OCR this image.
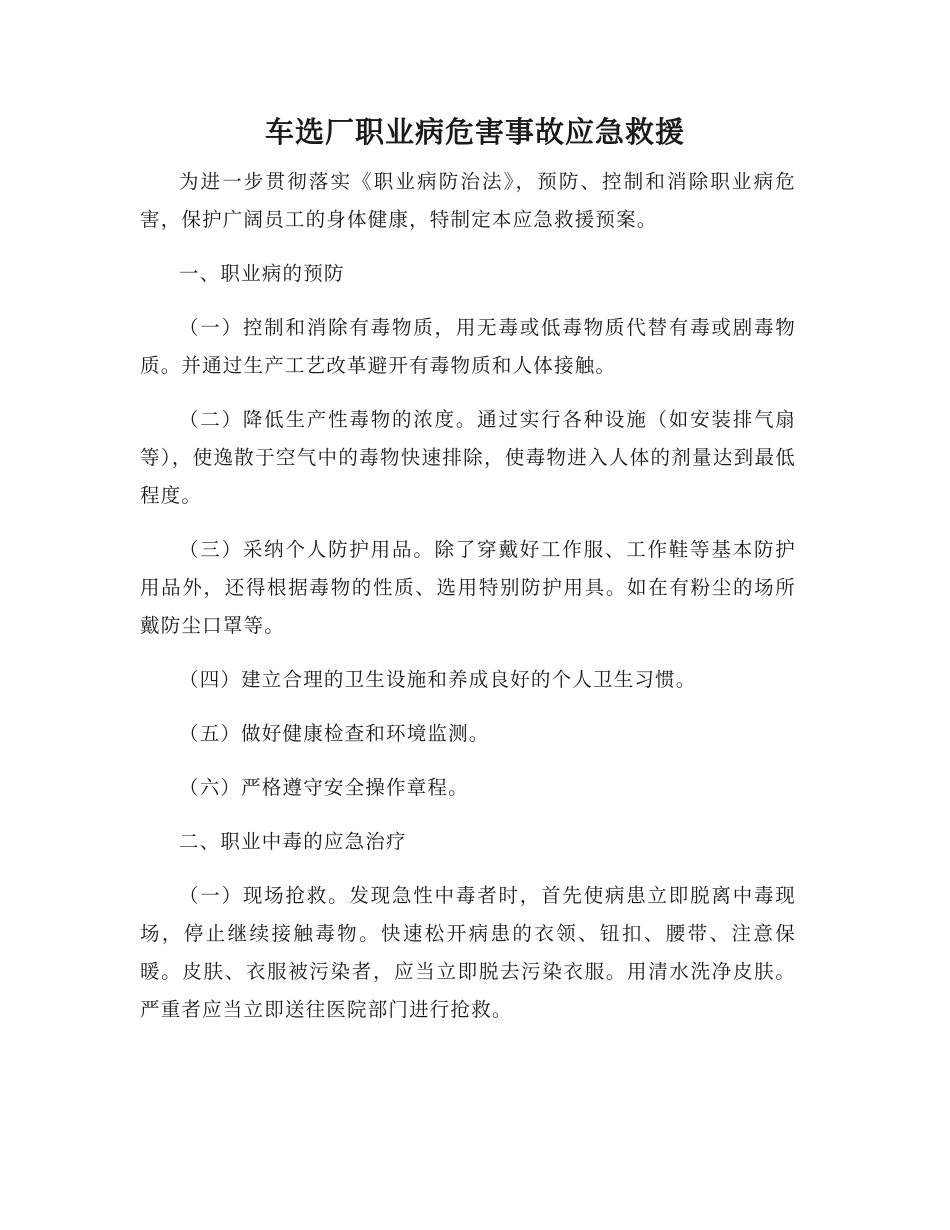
车选厂职业病危害事故应急救援

为进一步贯彻落实《职业病防治法》，预防、控制和消除职业病危害，保护广阔员工的身体健康，特制定本应急救援预案。

一、职业病的预防

（一）控制和消除有毒物质，用无毒或低毒物质代替有毒或剧毒物质。并通过生产工艺改革避开有毒物质和人体接触。

（二）降低生产性毒物的浓度。通过实行各种设施（如安装排气扇等），使逸散于空气中的毒物快速排除，使毒物进入人体的剂量达到最低程度。

（三）采纳个人防护用品。除了穿戴好工作服、工作鞋等基本防护用品外，还得根据毒物的性质、选用特别防护用具。如在有粉尘的场所戴防尘口罩等。

（四）建立合理的卫生设施和养成良好的个人卫生习惯。

（五）做好健康检查和环境监测。

（六）严格遵守安全操作章程。

二、职业中毒的应急治疗

（一）现场抢救。发现急性中毒者时，首先使病患立即脱离中毒现场，停止继续接触毒物。快速松开病患的衣领、钮扣、腰带、注意保暖。皮肤、衣服被污染者，应当立即脱去污染衣服。用清水洗净皮肤。严重者应当立即送往医院部门进行抢救。
